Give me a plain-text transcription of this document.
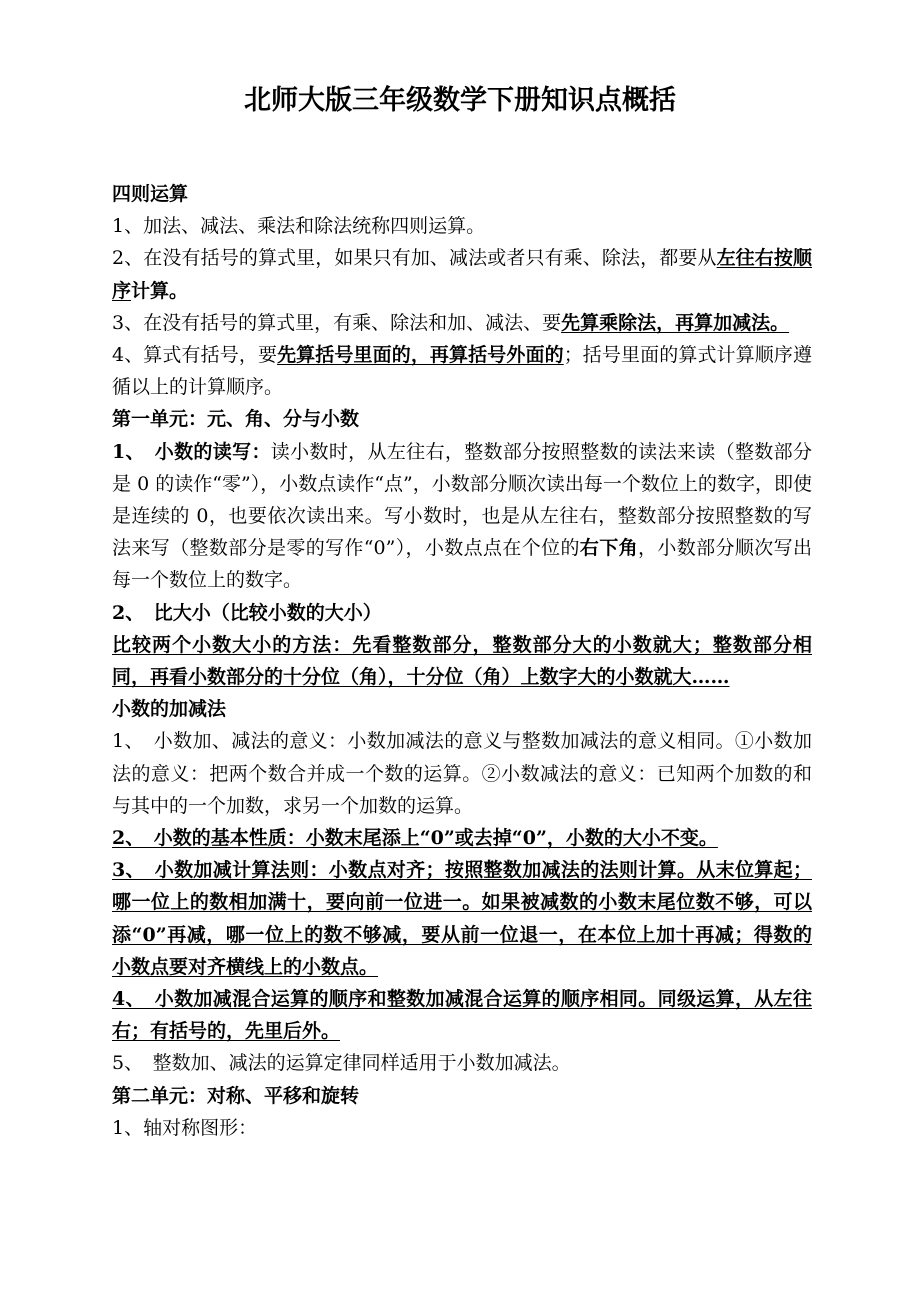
北师大版三年级数学下册知识点概括

四则运算

1、加法、减法、乘法和除法统称四则运算。

2、在没有括号的算式里，如果只有加、减法或者只有乘、除法，都要从左往右按顺序计算。

3、在没有括号的算式里，有乘、除法和加、减法、要先算乘除法，再算加减法。

4、算式有括号，要先算括号里面的，再算括号外面的；括号里面的算式计算顺序遵循以上的计算顺序。

第一单元：元、角、分与小数

1、　小数的读写：读小数时，从左往右，整数部分按照整数的读法来读（整数部分是 0 的读作“零”），小数点读作“点”，小数部分顺次读出每一个数位上的数字，即使是连续的 0，也要依次读出来。写小数时，也是从左往右，整数部分按照整数的写法来写（整数部分是零的写作“0”），小数点点在个位的右下角，小数部分顺次写出每一个数位上的数字。

2、　比大小（比较小数的大小）

比较两个小数大小的方法：先看整数部分，整数部分大的小数就大；整数部分相同，再看小数部分的十分位（角），十分位（角）上数字大的小数就大……

小数的加减法

1、　小数加、减法的意义：小数加减法的意义与整数加减法的意义相同。①小数加法的意义：把两个数合并成一个数的运算。②小数减法的意义：已知两个加数的和与其中的一个加数，求另一个加数的运算。

2、　小数的基本性质：小数末尾添上“0”或去掉“0”，小数的大小不变。

3、　小数加减计算法则：小数点对齐；按照整数加减法的法则计算。从末位算起；哪一位上的数相加满十，要向前一位进一。如果被减数的小数末尾位数不够，可以添“0”再减，哪一位上的数不够减，要从前一位退一，在本位上加十再减；得数的小数点要对齐横线上的小数点。

4、　小数加减混合运算的顺序和整数加减混合运算的顺序相同。同级运算，从左往右；有括号的，先里后外。

5、　整数加、减法的运算定律同样适用于小数加减法。

第二单元：对称、平移和旋转

1、轴对称图形：
